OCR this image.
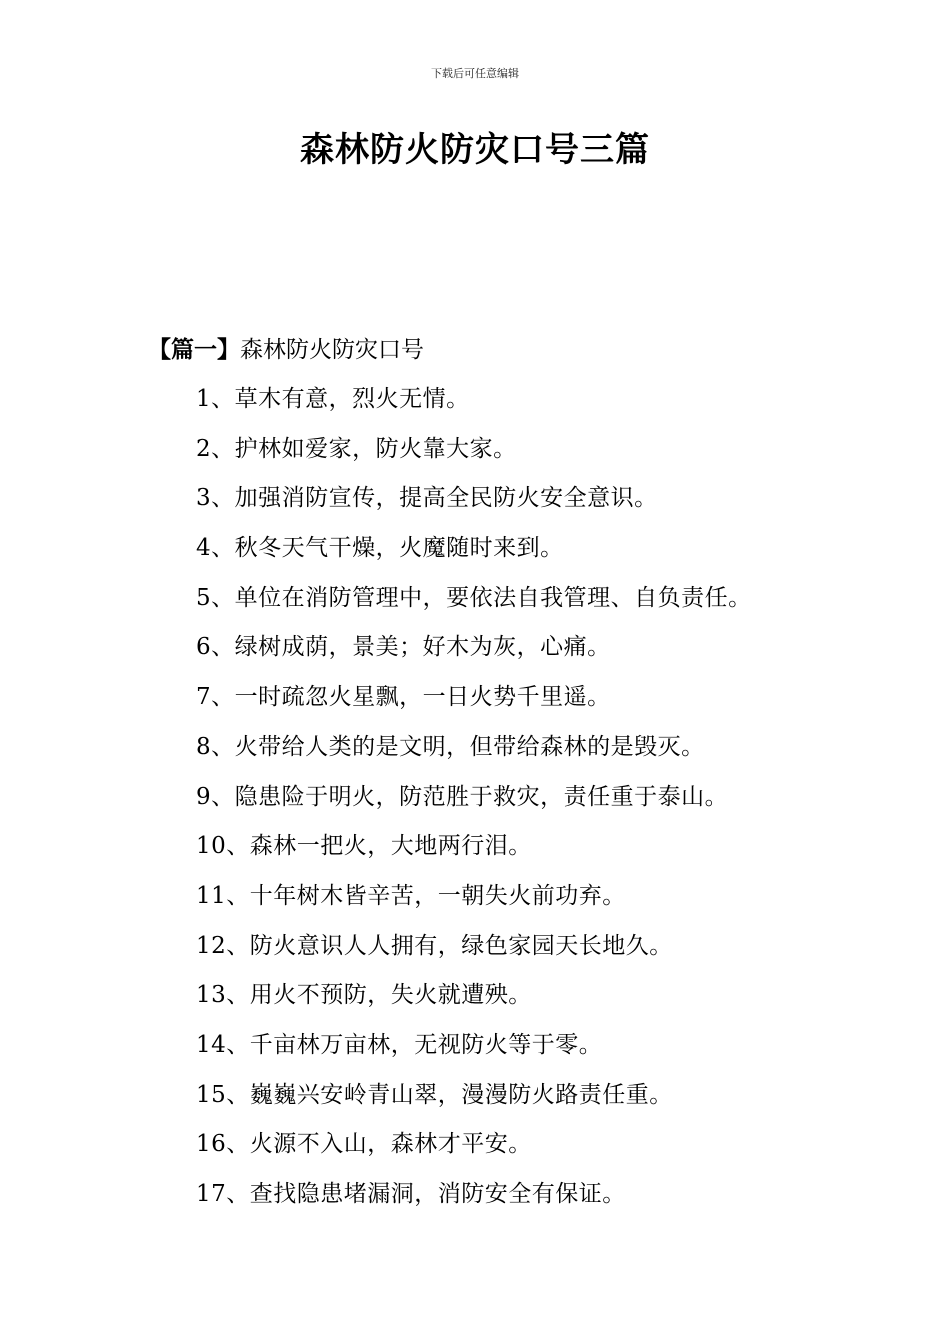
下载后可任意编辑
森林防火防灾口号三篇
【篇一】森林防火防灾口号
1、草木有意，烈火无情。
2、护林如爱家，防火靠大家。
3、加强消防宣传，提高全民防火安全意识。
4、秋冬天气干燥，火魔随时来到。
5、单位在消防管理中，要依法自我管理、自负责任。
6、绿树成荫，景美；好木为灰，心痛。
7、一时疏忽火星飘，一日火势千里遥。
8、火带给人类的是文明，但带给森林的是毁灭。
9、隐患险于明火，防范胜于救灾，责任重于泰山。
10、森林一把火，大地两行泪。
11、十年树木皆辛苦，一朝失火前功弃。
12、防火意识人人拥有，绿色家园天长地久。
13、用火不预防，失火就遭殃。
14、千亩林万亩林，无视防火等于零。
15、巍巍兴安岭青山翠，漫漫防火路责任重。
16、火源不入山，森林才平安。
17、查找隐患堵漏洞，消防安全有保证。
